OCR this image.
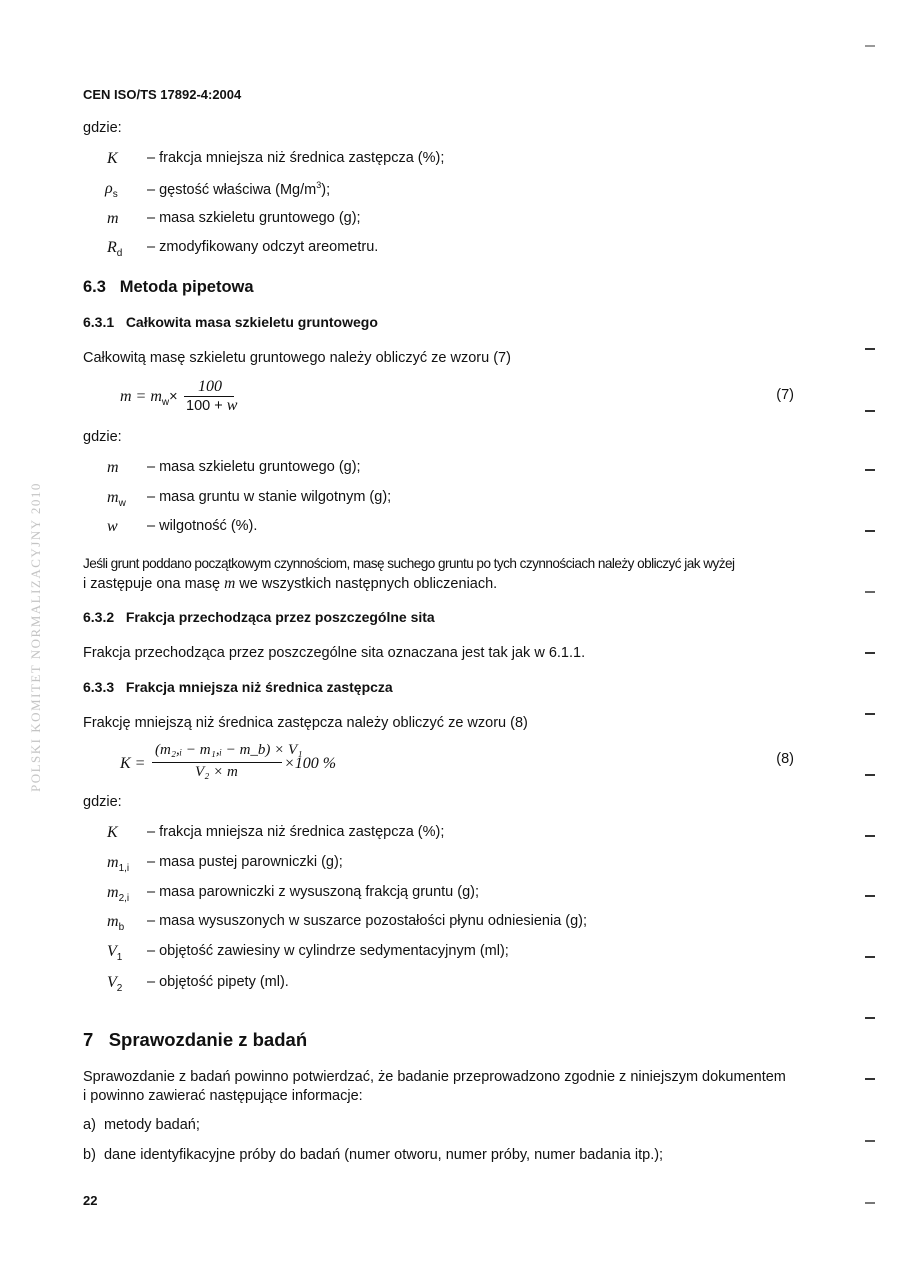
POLSKI KOMITET NORMALIZACYJNY 2010
CEN ISO/TS 17892-4:2004
gdzie:
K – frakcja mniejsza niż średnica zastępcza (%);
$\rho_s$ – gęstość właściwa $(Mg/m^3)$;
m – masa szkieletu gruntowego (g);
$R_d$ – zmodyfikowany odczyt areometru.
6.3 Metoda pipetowa
6.3.1 Całkowita masa szkieletu gruntowego
Całkowitą masę szkieletu gruntowego należy obliczyć ze wzoru (7)
$m = m_w\times$
100
100 + w
(7)
gdzie:
m – masa szkieletu gruntowego (g);
$m_w$ – masa gruntu w stanie wilgotnym (g);
w – wilgotność (%).
Jeśli grunt poddano początkowym czynnościom, masę suchego gruntu po tych czynnościach należy obliczyć jak wyżej
i zastępuje ona masę m we wszystkich następnych obliczeniach.
6.3.2 Frakcja przechodząca przez poszczególne sita
Frakcja przechodząca przez poszczególne sita oznaczana jest tak jak w 6.1.1.
6.3.3 Frakcja mniejsza niż średnica zastępcza
Frakcję mniejszą niż średnica zastępcza należy obliczyć ze wzoru (8)
K =
(m₂,ᵢ − m₁,ᵢ − m_b) × V₁
V₂ × m	×100 %	(8)
gdzie:
K – frakcja mniejsza niż średnica zastępcza (%);
$m_{1,i}$ – masa pustej parowniczki (g);
$m_{2,i}$ – masa parowniczki z wysuszoną frakcją gruntu (g);
$m_b$ – masa wysuszonych w suszarce pozostałości płynu odniesienia (g);
$V_1$ – objętość zawiesiny w cylindrze sedymentacyjnym (ml);
$V_2$ – objętość pipety (ml).
7 Sprawozdanie z badań
Sprawozdanie z badań powinno potwierdzać, że badanie przeprowadzono zgodnie z niniejszym dokumentem
i powinno zawierać następujące informacje:
a) metody badań;
b) dane identyfikacyjne próby do badań (numer otworu, numer próby, numer badania itp.);
22
